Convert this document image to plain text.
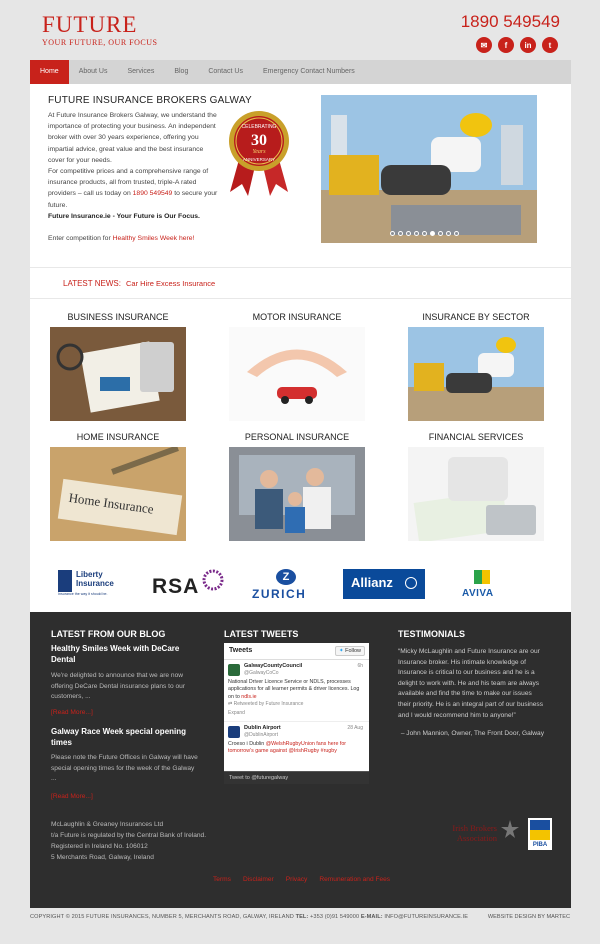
FUTURE
YOUR FUTURE, OUR FOCUS
1890 549549
✉	f	in	t
Home	About Us	Services	Blog	Contact Us	Emergency Contact Numbers
FUTURE INSURANCE BROKERS GALWAY
At Future Insurance Brokers Galway, we understand the importance of protecting your business. An independent broker with over 30 years experience, offering you impartial advice, great value and the best insurance cover for your needs.
For competitive prices and a comprehensive range of insurance products, all from trusted, triple-A rated providers – call us today on 1890 549549 to secure your future.
Future Insurance.ie - Your Future is Our Focus.
Enter competition for Healthy Smiles Week here!
CELEBRATING
30
Years
ANNIVERSARY
LATEST NEWS: Car Hire Excess Insurance
BUSINESS INSURANCE	MOTOR INSURANCE	INSURANCE BY SECTOR
HOME INSURANCE	PERSONAL INSURANCE	FINANCIAL SERVICES
Home Insurance
Liberty
Insurance
Insurance the way it should be. RSA	Z
ZURICH
Allianz
AVIVA
LATEST FROM OUR BLOG
Healthy Smiles Week with DeCare Dental
We're delighted to announce that we are now offering DeCare Dental insurance plans to our customers, ...
[Read More...]
Galway Race Week special opening times
Please note the Future Offices in Galway will have special opening times for the week of the Galway ...
[Read More...]
LATEST TWEETS
Tweets	✦ Follow
GalwayCountyCouncil
@GalwayCoCo
6h
National Driver Licence Service or NDLS, processes applications for all learner permits & driver licences. Log on to ndls.ie
⇄ Retweeted by Future Insurance
Expand
Dublin Airport
@DublinAirport
28 Aug
Croeso i Dublin @WelshRugbyUnion fans here for tomorrow's game against @IrishRugby #rugby
Tweet to @futuregalway
TESTIMONIALS
“Micky McLaughlin and Future Insurance are our Insurance broker. His intimate knowledge of Insurance is critical to our business and he is a delight to work with. He and his team are always available and find the time to make our issues their priority. He is an integral part of our business and I would recommend him to anyone!”
– John Mannion, Owner, The Front Door, Galway
McLaughlin & Greaney Insurances Ltd
t/a Future is regulated by the Central Bank of Ireland.
Registered in Ireland No. 106012
5 Merchants Road, Galway, Ireland
Irish Brokers
Association
PIBA
Terms Disclaimer Privacy Remuneration and Fees
COPYRIGHT © 2015 FUTURE INSURANCES, NUMBER 5, MERCHANTS ROAD, GALWAY, IRELAND TEL: +353 (0)91 549000 E-MAIL: INFO@FUTUREINSURANCE.IE	WEBSITE DESIGN BY MARTEC
